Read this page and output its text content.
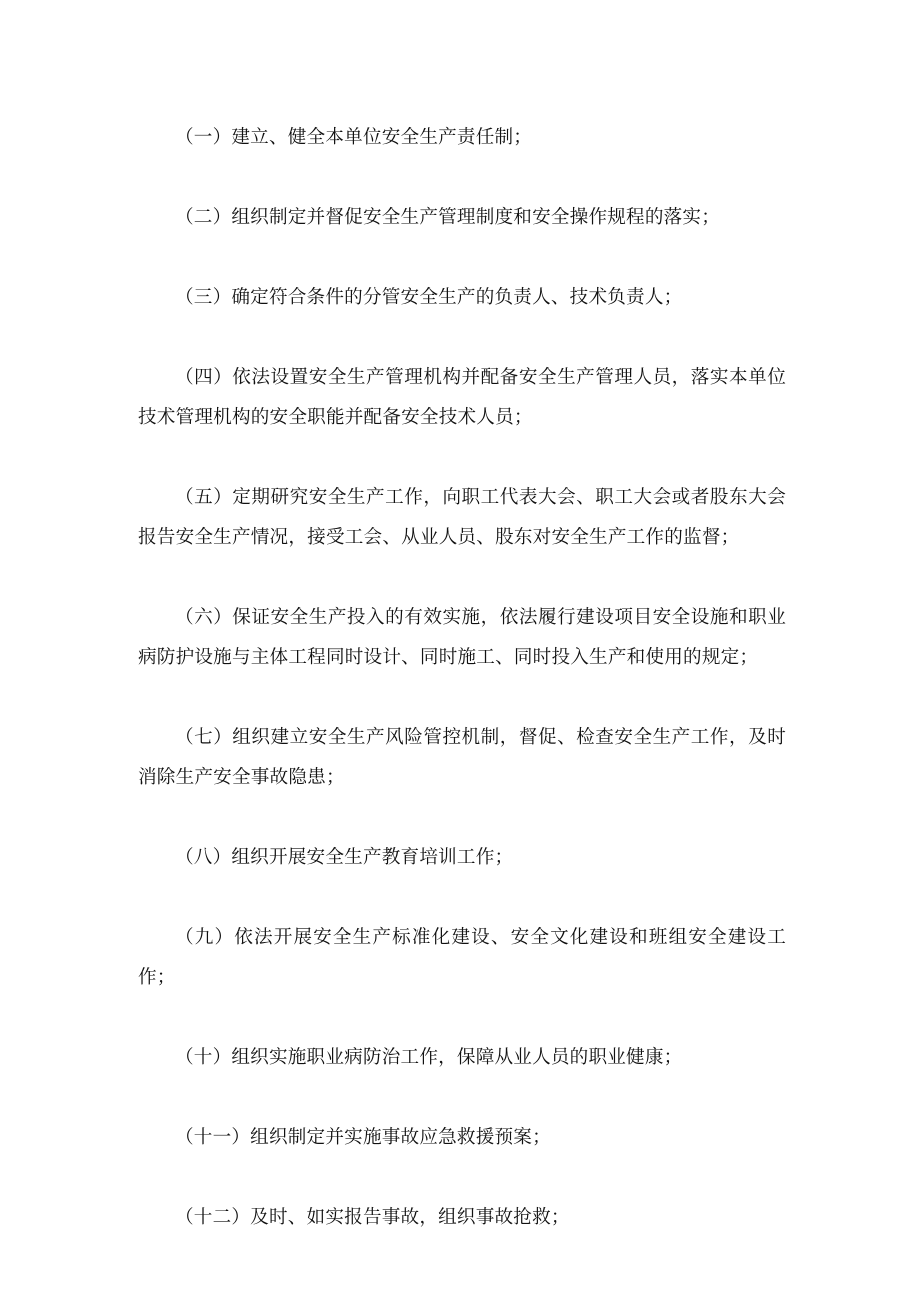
（一）建立、健全本单位安全生产责任制；

（二）组织制定并督促安全生产管理制度和安全操作规程的落实；

（三）确定符合条件的分管安全生产的负责人、技术负责人；

（四）依法设置安全生产管理机构并配备安全生产管理人员，落实本单位技术管理机构的安全职能并配备安全技术人员；

（五）定期研究安全生产工作，向职工代表大会、职工大会或者股东大会报告安全生产情况，接受工会、从业人员、股东对安全生产工作的监督；

（六）保证安全生产投入的有效实施，依法履行建设项目安全设施和职业病防护设施与主体工程同时设计、同时施工、同时投入生产和使用的规定；

（七）组织建立安全生产风险管控机制，督促、检查安全生产工作，及时消除生产安全事故隐患；

（八）组织开展安全生产教育培训工作；

（九）依法开展安全生产标准化建设、安全文化建设和班组安全建设工作；

（十）组织实施职业病防治工作，保障从业人员的职业健康；

（十一）组织制定并实施事故应急救援预案；

（十二）及时、如实报告事故，组织事故抢救；
